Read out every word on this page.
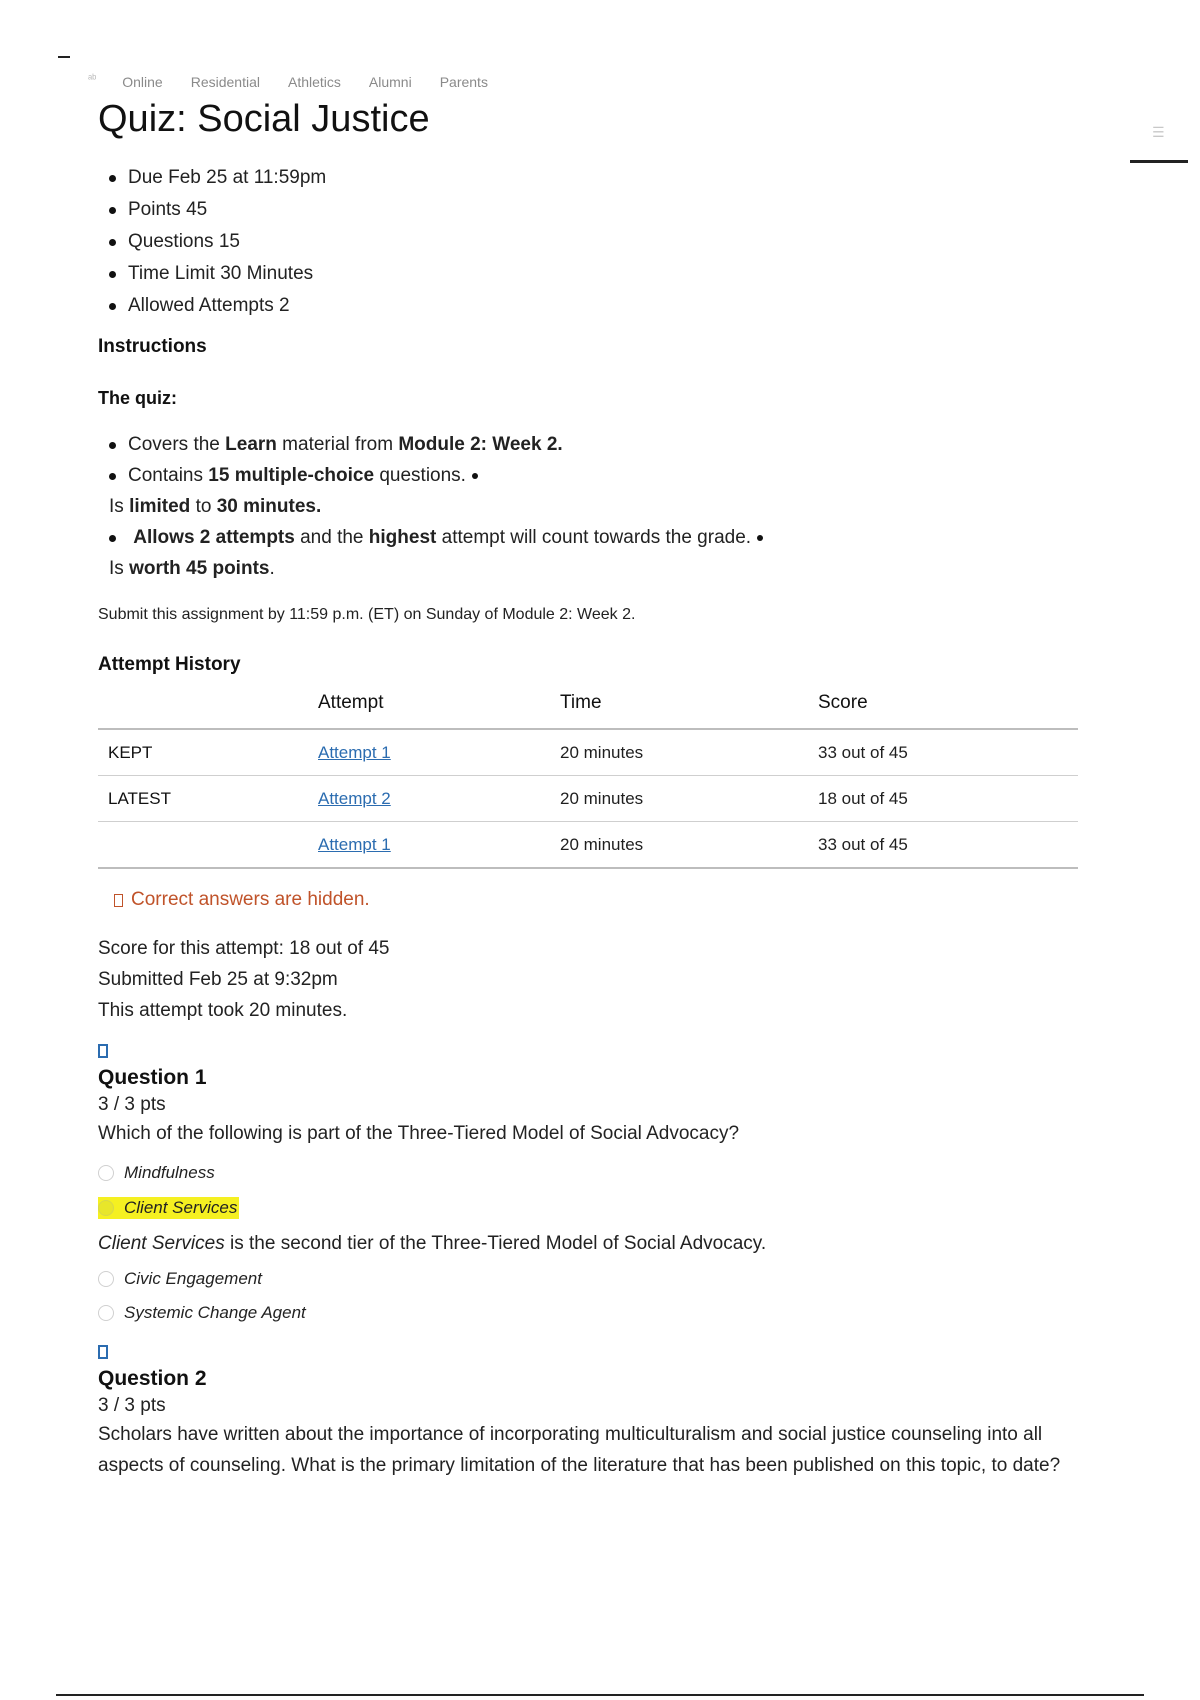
☰
ᵃᵇ Online Residential Athletics Alumni Parents
Quiz: Social Justice
Due Feb 25 at 11:59pm
Points 45
Questions 15
Time Limit 30 Minutes
Allowed Attempts 2
Instructions
The quiz:
Covers the Learn material from Module 2: Week 2.
Contains 15 multiple-choice questions.
Is limited to 30 minutes.
Allows 2 attempts and the highest attempt will count towards the grade.
Is worth 45 points.
Submit this assignment by 11:59 p.m. (ET) on Sunday of Module 2: Week 2.
Attempt History
	Attempt	Time	Score
KEPT	Attempt 1	20 minutes	33 out of 45
LATEST	Attempt 2	20 minutes	18 out of 45
	Attempt 1	20 minutes	33 out of 45
Correct answers are hidden.
Score for this attempt: 18 out of 45
Submitted Feb 25 at 9:32pm
This attempt took 20 minutes.
Question 1
3 / 3 pts
Which of the following is part of the Three-Tiered Model of Social Advocacy?
Mindfulness
Client Services
Client Services is the second tier of the Three-Tiered Model of Social Advocacy.
Civic Engagement
Systemic Change Agent
Question 2
3 / 3 pts
Scholars have written about the importance of incorporating multiculturalism and social justice counseling into all aspects of counseling. What is the primary limitation of the literature that has been published on this topic, to date?
